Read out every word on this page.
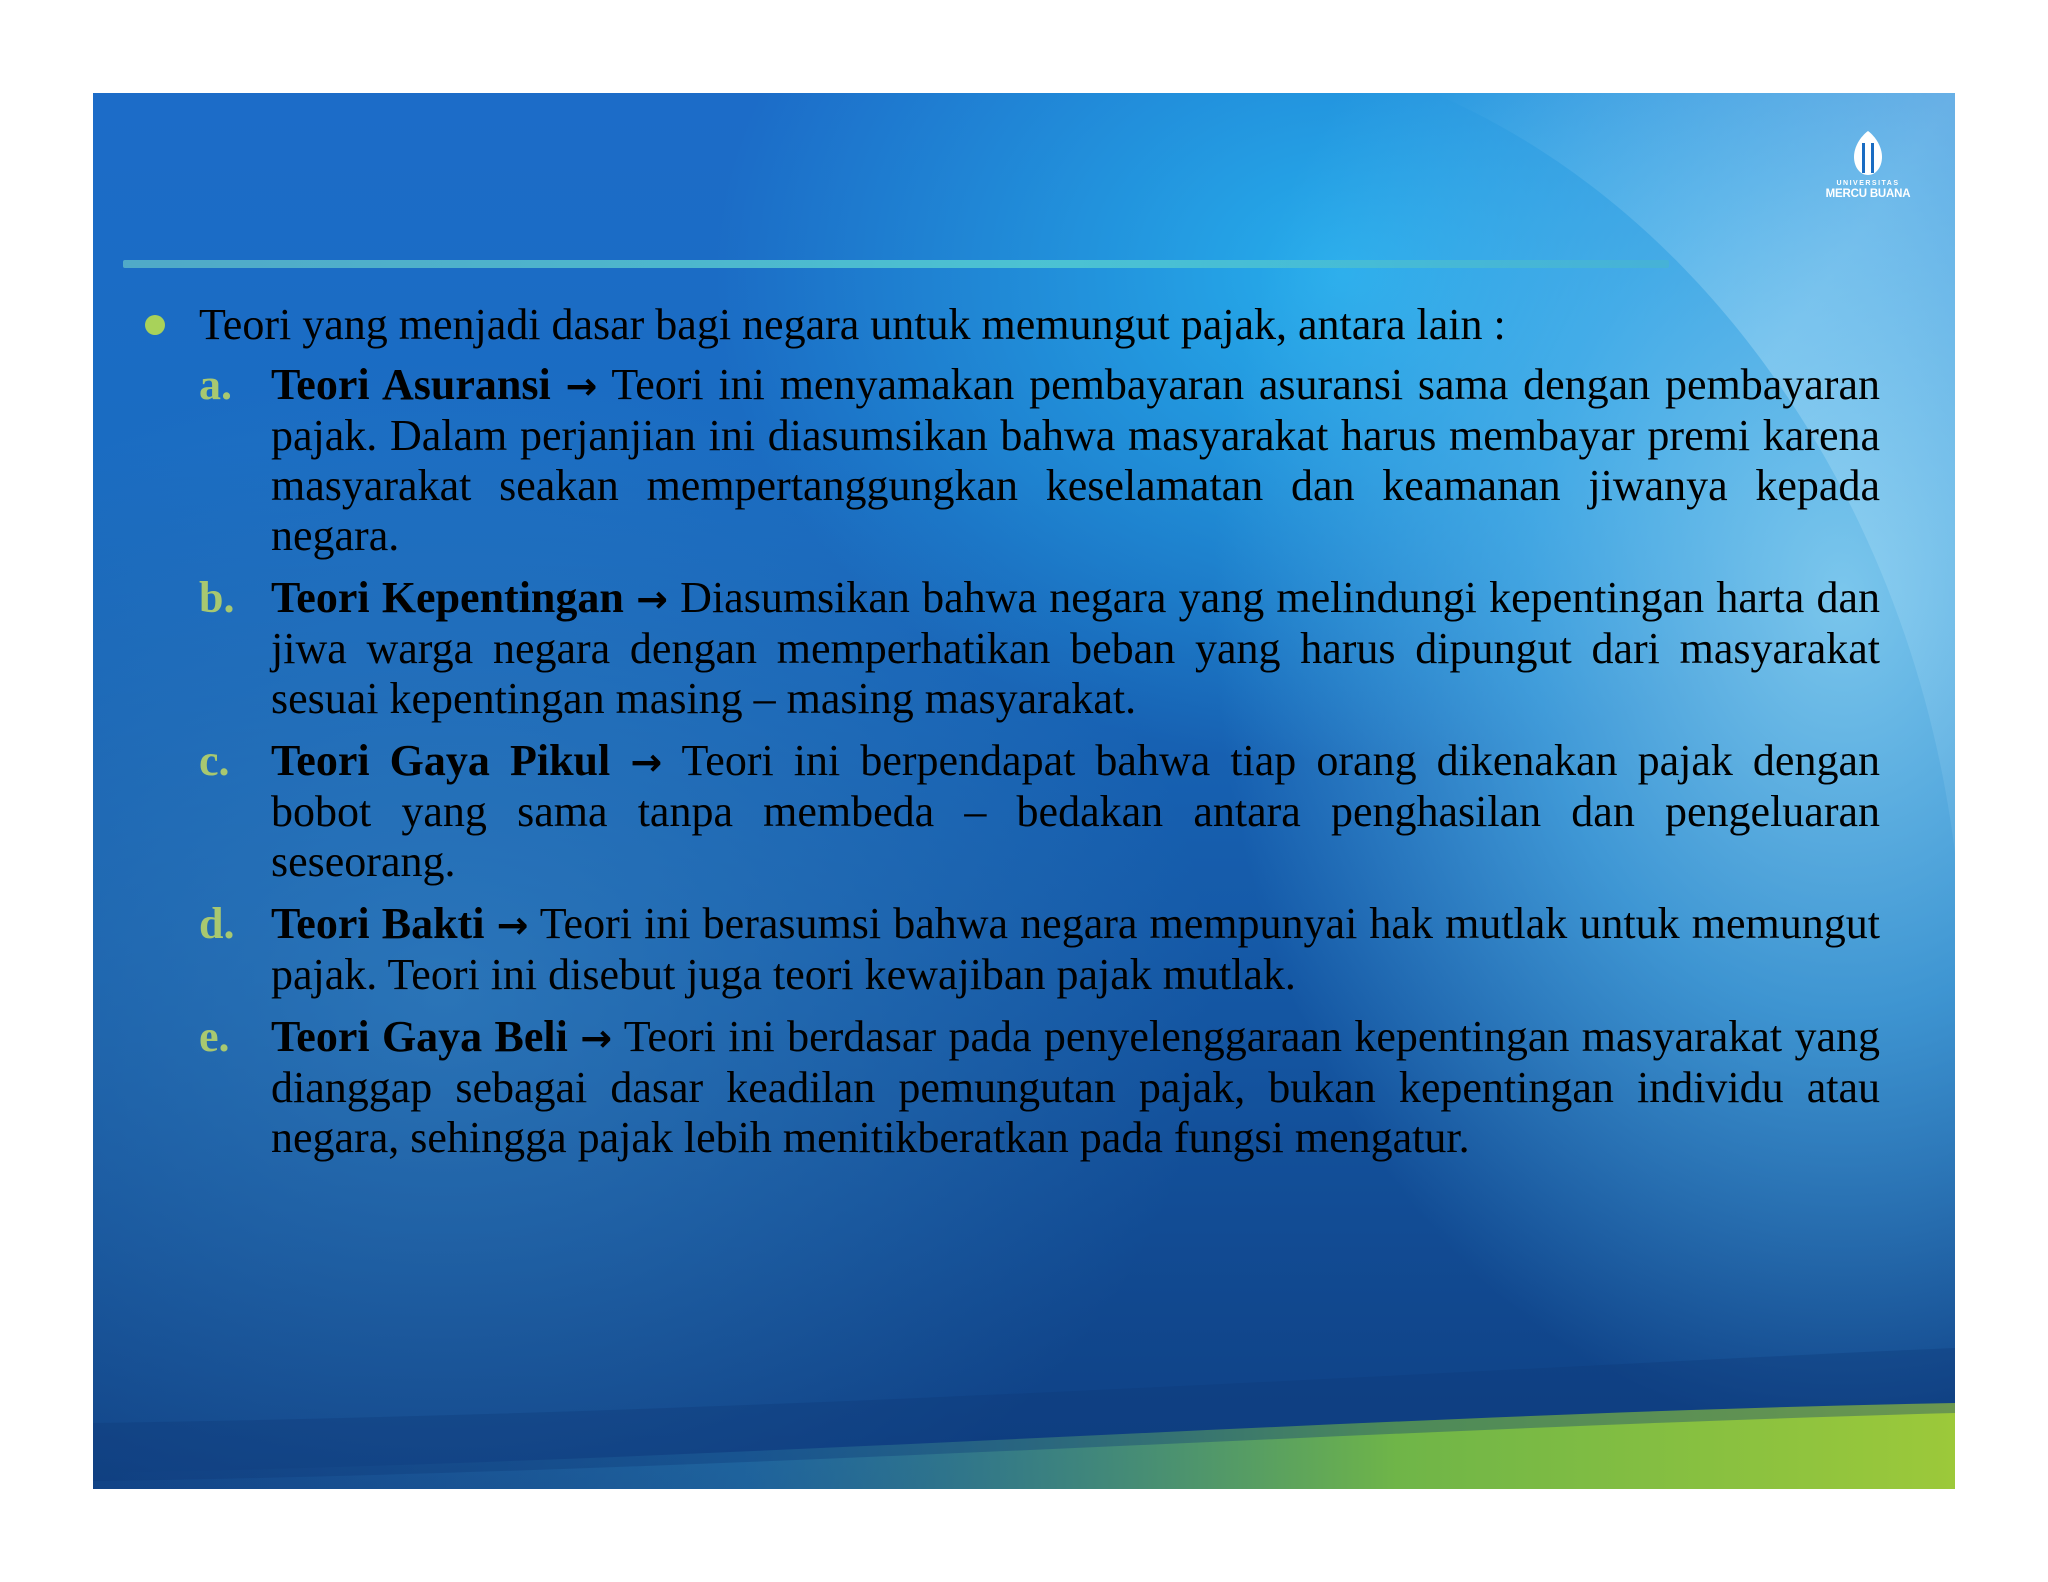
UNIVERSITAS
MERCU BUANA
Teori yang menjadi dasar bagi negara untuk memungut pajak, antara lain :
a. Teori Asuransi → Teori ini menyamakan pembayaran asuransi sama dengan pembayaran pajak. Dalam perjanjian ini diasumsikan bahwa masyarakat harus membayar premi karena masyarakat seakan mempertanggungkan keselamatan dan keamanan jiwanya kepada negara.
b. Teori Kepentingan → Diasumsikan bahwa negara yang melindungi kepentingan harta dan jiwa warga negara dengan memperhatikan beban yang harus dipungut dari masyarakat sesuai kepentingan masing – masing masyarakat.
c. Teori Gaya Pikul → Teori ini berpendapat bahwa tiap orang dikenakan pajak dengan bobot yang sama tanpa membeda – bedakan antara penghasilan dan pengeluaran seseorang.
d. Teori Bakti → Teori ini berasumsi bahwa negara mempunyai hak mutlak untuk memungut pajak. Teori ini disebut juga teori kewajiban pajak mutlak.
e. Teori Gaya Beli → Teori ini berdasar pada penyelenggaraan kepentingan masyarakat yang dianggap sebagai dasar keadilan pemungutan pajak, bukan kepentingan individu atau negara, sehingga pajak lebih menitikberatkan pada fungsi mengatur.
